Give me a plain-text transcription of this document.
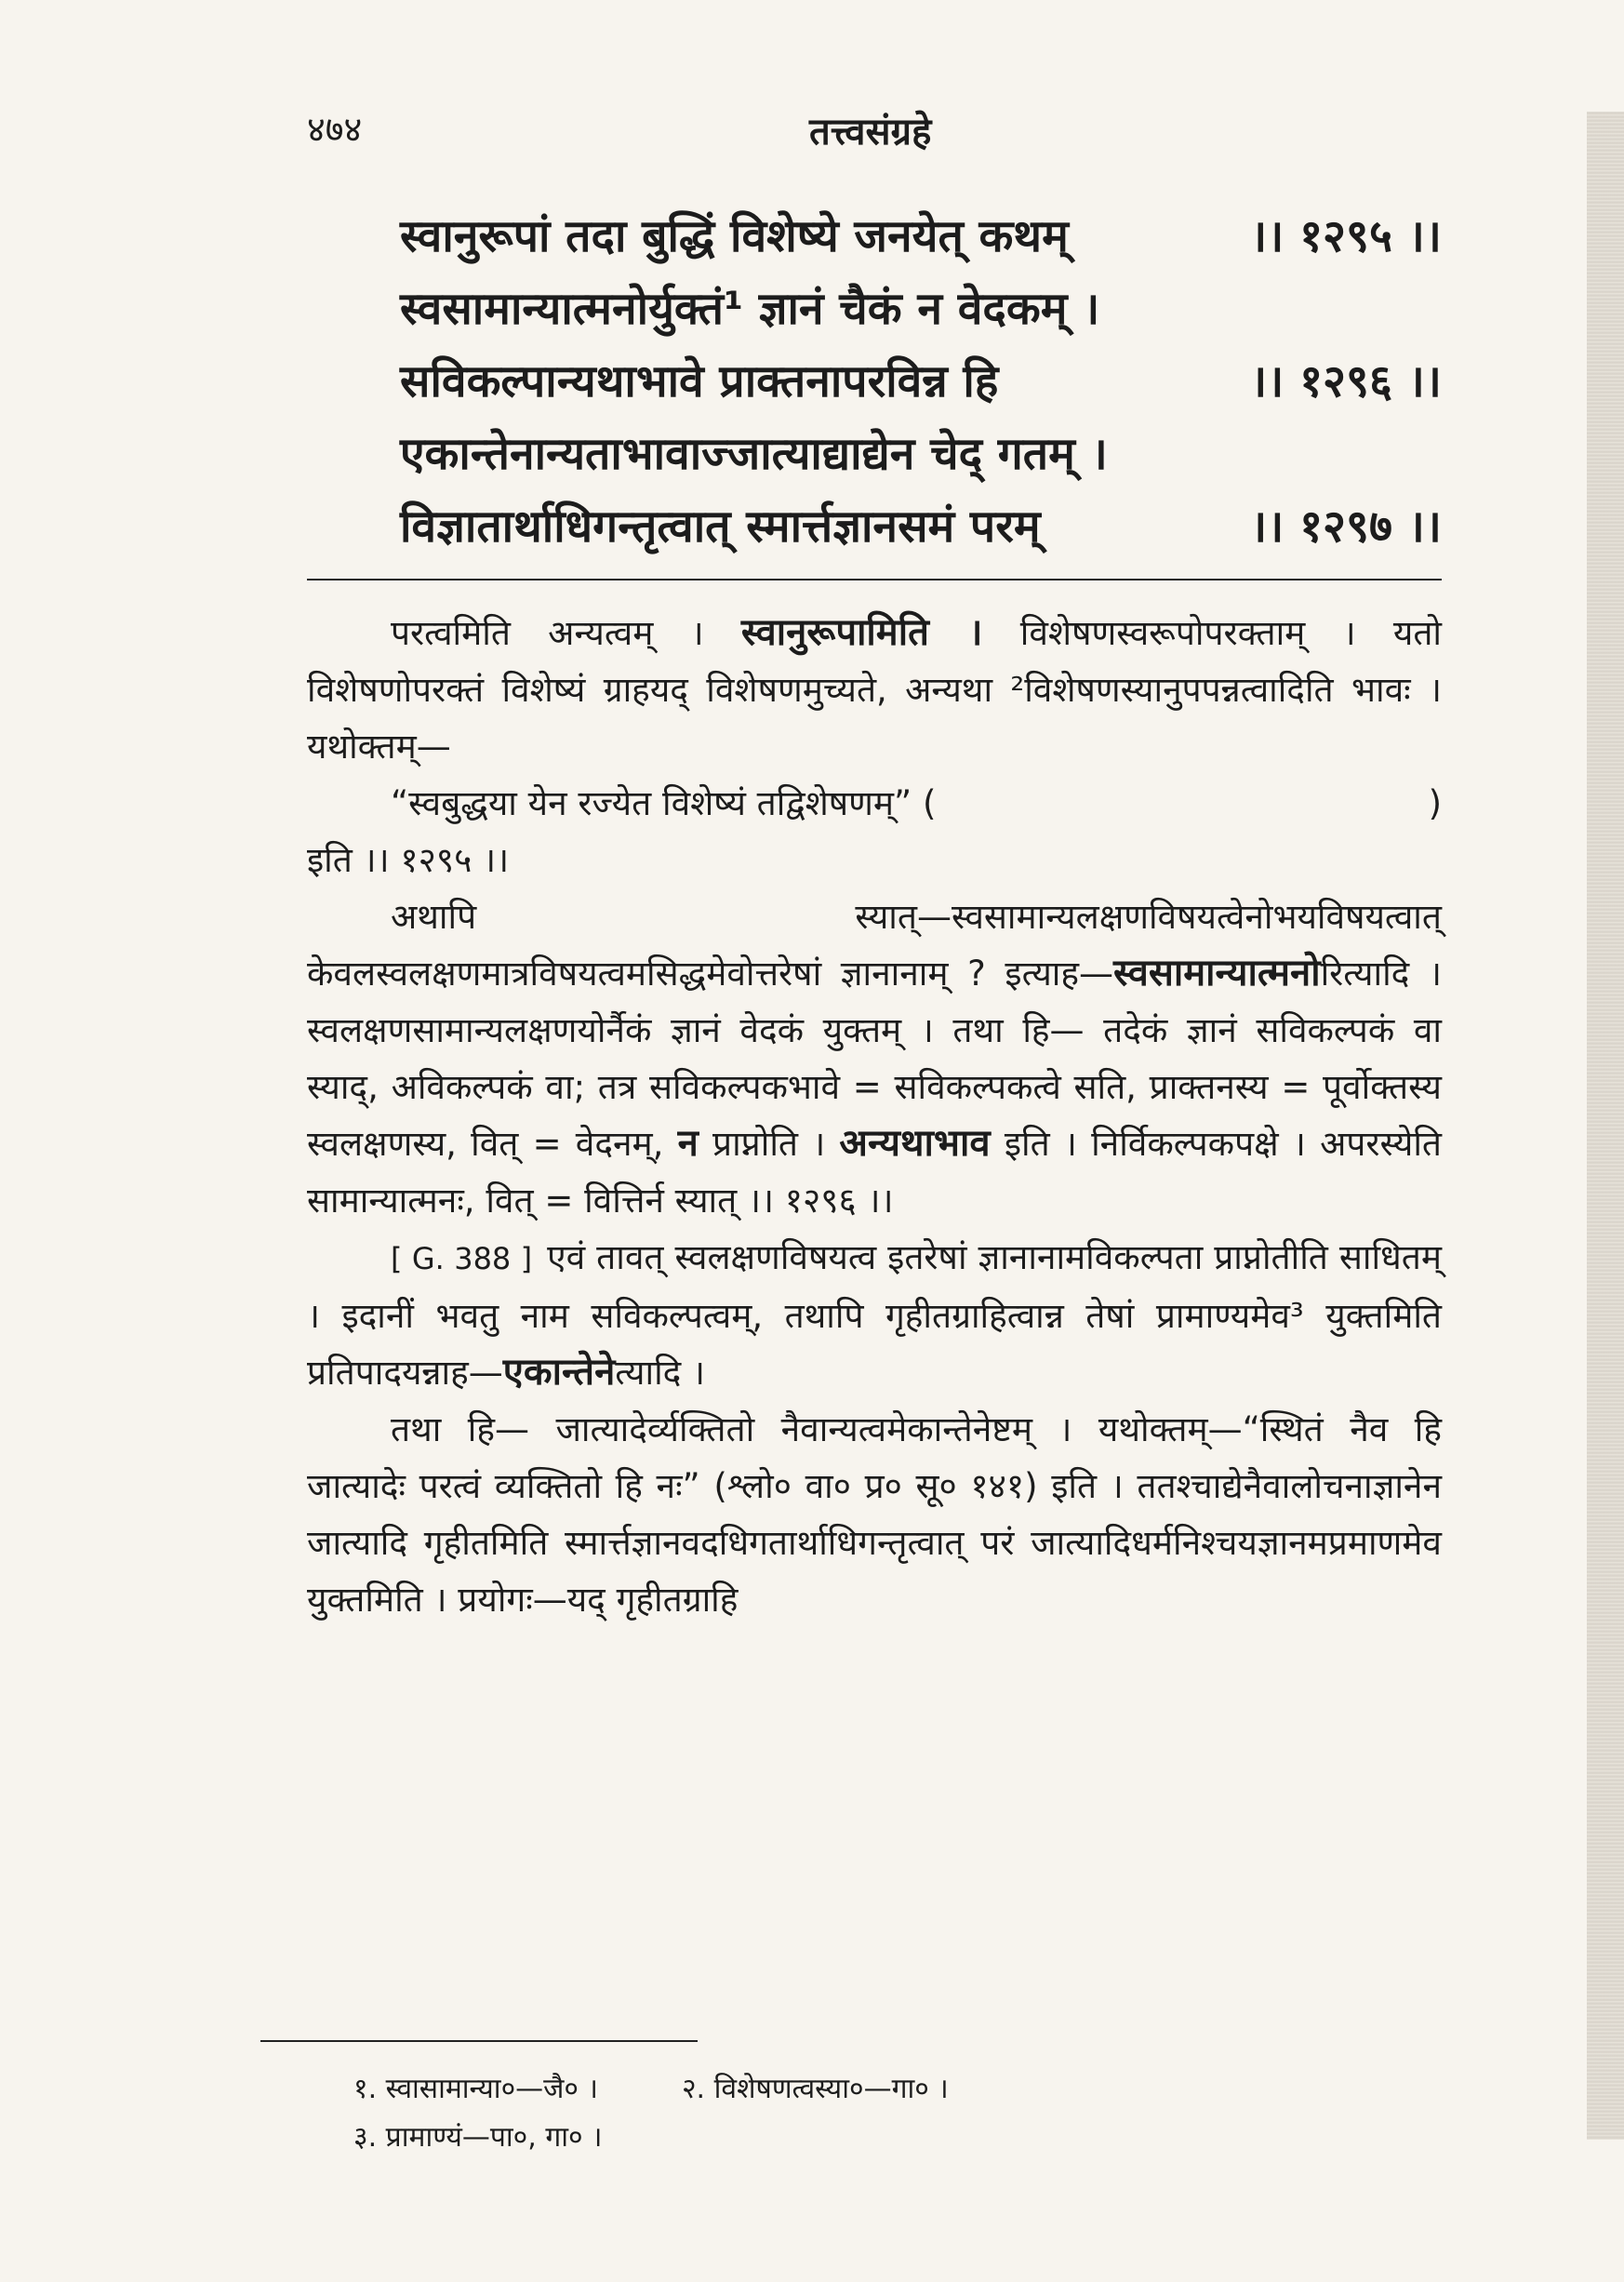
४७४	तत्त्वसंग्रहे
स्वानुरूपां तदा बुद्धिं विशेष्ये जनयेत् कथम्	।। १२९५ ।।
स्वसामान्यात्मनोर्युक्तं¹ ज्ञानं चैकं न वेदकम् ।
सविकल्पान्यथाभावे प्राक्तनापरविन्न हि	।। १२९६ ।।
एकान्तेनान्यताभावाज्जात्याद्याद्येन चेद् गतम् ।
विज्ञातार्थाधिगन्तृत्वात् स्मार्त्तज्ञानसमं परम्	।। १२९७ ।।

परत्वमिति अन्यत्वम् । स्वानुरूपामिति । विशेषणस्वरूपोपरक्ताम् । यतो विशेषणोपरक्तं विशेष्यं ग्राहयद् विशेषणमुच्यते, अन्यथा ²विशेषणस्यानुपपन्नत्वादिति भावः । यथोक्तम्—

“स्वबुद्धया येन रज्येत विशेष्यं तद्विशेषणम्” (	)

इति ।। १२९५ ।।

अथापि स्यात्—स्वसामान्यलक्षणविषयत्वेनोभयविषयत्वात् केवलस्वलक्षणमात्रविषयत्वमसिद्धमेवोत्तरेषां ज्ञानानाम् ? इत्याह—स्वसामान्यात्मनोरित्यादि । स्वलक्षणसामान्यलक्षणयोर्नैकं ज्ञानं वेदकं युक्तम् । तथा हि— तदेकं ज्ञानं सविकल्पकं वा स्याद्, अविकल्पकं वा; तत्र सविकल्पकभावे = सविकल्पकत्वे सति, प्राक्तनस्य = पूर्वोक्तस्य स्वलक्षणस्य, वित् = वेदनम्, न प्राप्नोति । अन्यथाभाव इति । निर्विकल्पकपक्षे । अपरस्येति सामान्यात्मनः, वित् = वित्तिर्न स्यात् ।। १२९६ ।।

[ G. 388 ] एवं तावत् स्वलक्षणविषयत्व इतरेषां ज्ञानानामविकल्पता प्राप्नोतीति साधितम् । इदानीं भवतु नाम सविकल्पत्वम्, तथापि गृहीतग्राहित्वान्न तेषां प्रामाण्यमेव³ युक्तमिति प्रतिपादयन्नाह—एकान्तेनेत्यादि ।

तथा हि— जात्यादेर्व्यक्तितो नैवान्यत्वमेकान्तेनेष्टम् । यथोक्तम्—“स्थितं नैव हि जात्यादेः परत्वं व्यक्तितो हि नः” (श्लो० वा० प्र० सू० १४१) इति । ततश्चाद्येनैवालोचनाज्ञानेन जात्यादि गृहीतमिति स्मार्त्तज्ञानवदधिगतार्थाधिगन्तृत्वात् परं जात्यादिधर्मनिश्चयज्ञानमप्रमाणमेव युक्तमिति । प्रयोगः—यद् गृहीतग्राहि

१. स्वासामान्या०—जै० ।	२. विशेषणत्वस्या०—गा० ।
३. प्रामाण्यं—पा०, गा० ।
